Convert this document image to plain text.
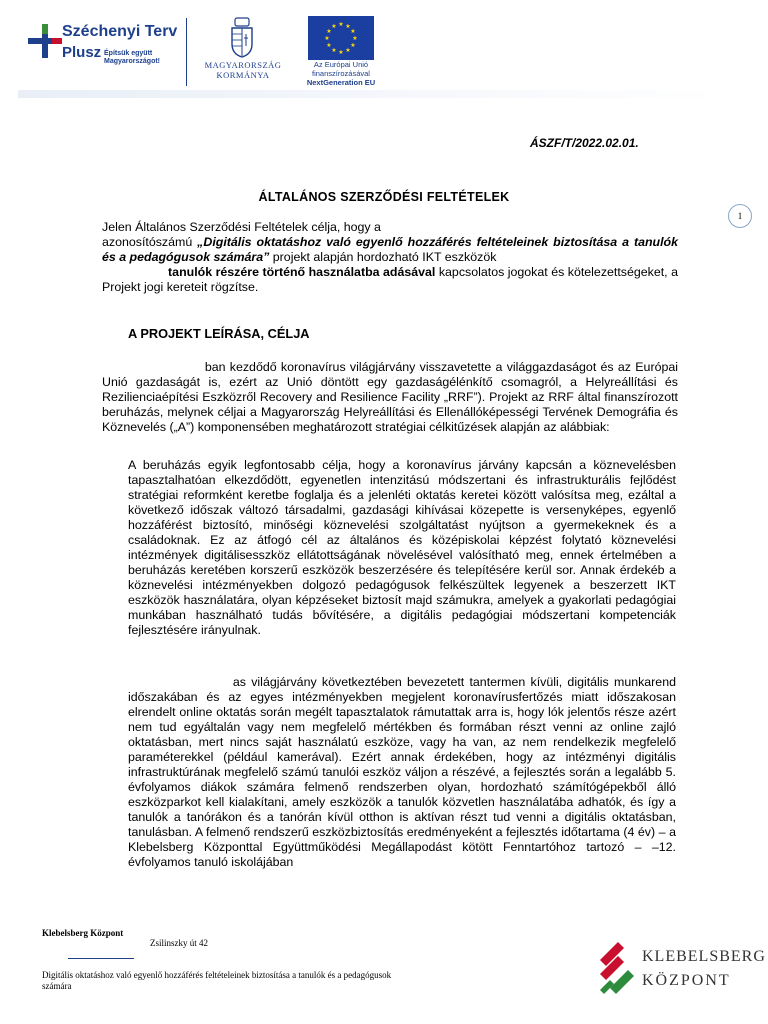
Széchenyi Terv
Plusz Építsük együtt
Magyarországot!	MAGYARORSZÁG
KORMÁNYA
★ ★
★
★
★
★
★
★
★
★
★
★
Az Európai Unió
finanszírozásával
NextGeneration EU
ÁSZF/T/2022.02.01.
ÁLTALÁNOS SZERZŐDÉSI FELTÉTELEK
1
Jelen Általános Szerződési Feltételek célja, hogy a
azonosítószámú „Digitális oktatáshoz való egyenlő hozzáférés feltételeinek biztosítása a tanulók és a pedagógusok számára” projekt alapján hordozható IKT eszközök
tanulók részére történő használatba adásával kapcsolatos jogokat és kötelezettségeket, a Projekt jogi kereteit rögzítse.
A PROJEKT LEÍRÁSA, CÉLJA
ban kezdődő koronavírus világjárvány visszavetette a világgazdaságot és az Európai Unió gazdaságát is, ezért az Unió döntött egy gazdaságélénkítő csomagról, a Helyreállítási és Rezilienciaépítési Eszközről Recovery and Resilience Facility „RRF”). Projekt az RRF által finanszírozott beruházás, melynek céljai a Magyarország Helyreállítási és Ellenállóképességi Tervének Demográfia és Köznevelés („A”) komponensében meghatározott stratégiai célkitűzések alapján az alábbiak:
A beruházás egyik legfontosabb célja, hogy a koronavírus járvány kapcsán a köznevelésben tapasztalhatóan elkezdődött, egyenetlen intenzitású módszertani és infrastrukturális fejlődést stratégiai reformként keretbe foglalja és a jelenléti oktatás keretei között valósítsa meg, ezáltal a következő időszak változó társadalmi, gazdasági kihívásai közepette is versenyképes, egyenlő hozzáférést biztosító, minőségi köznevelési szolgáltatást nyújtson a gyermekeknek és a családoknak. Ez az átfogó cél az általános és középiskolai képzést folytató köznevelési intézmények digitálisesszköz ellátottságának növelésével valósítható meg, ennek értelmében a beruházás keretében korszerű eszközök beszerzésére és telepítésére kerül sor. Annak érdekéb a köznevelési intézményekben dolgozó pedagógusok felkészültek legyenek a beszerzett IKT eszközök használatára, olyan képzéseket biztosít majd számukra, amelyek a gyakorlati pedagógiai munkában használható tudás bővítésére, a digitális pedagógiai módszertani kompetenciák fejlesztésére irányulnak.
as világjárvány következtében bevezetett tantermen kívüli, digitális munkarend időszakában és az egyes intézményekben megjelent koronavírusfertőzés miatt időszakosan elrendelt online oktatás során megélt tapasztalatok rámutattak arra is, hogy lók jelentős része azért nem tud egyáltalán vagy nem megfelelő mértékben és formában részt venni az online zajló oktatásban, mert nincs saját használatú eszköze, vagy ha van, az nem rendelkezik megfelelő paraméterekkel (például kamerával). Ezért annak érdekében, hogy az intézményi digitális infrastruktúrának megfelelő számú tanulói eszköz váljon a részévé, a fejlesztés során a legalább 5. évfolyamos diákok számára felmenő rendszerben olyan, hordozható számítógépekből álló eszközparkot kell kialakítani, amely eszközök a tanulók közvetlen használatába adhatók, és így a tanulók a tanórákon és a tanórán kívül otthon is aktívan részt tud venni a digitális oktatásban, tanulásban. A felmenő rendszerű eszközbiztosítás eredményeként a fejlesztés időtartama (4 év) – a Klebelsberg Központtal Együttműködési Megállapodást kötött Fenntartóhoz tartozó – –12. évfolyamos tanuló iskolájában
Klebelsberg Központ
Zsilinszky út 42
Digitális oktatáshoz való egyenlő hozzáférés feltételeinek biztosítása a tanulók és a pedagógusok számára
KLEBELSBERG
KÖZPONT
